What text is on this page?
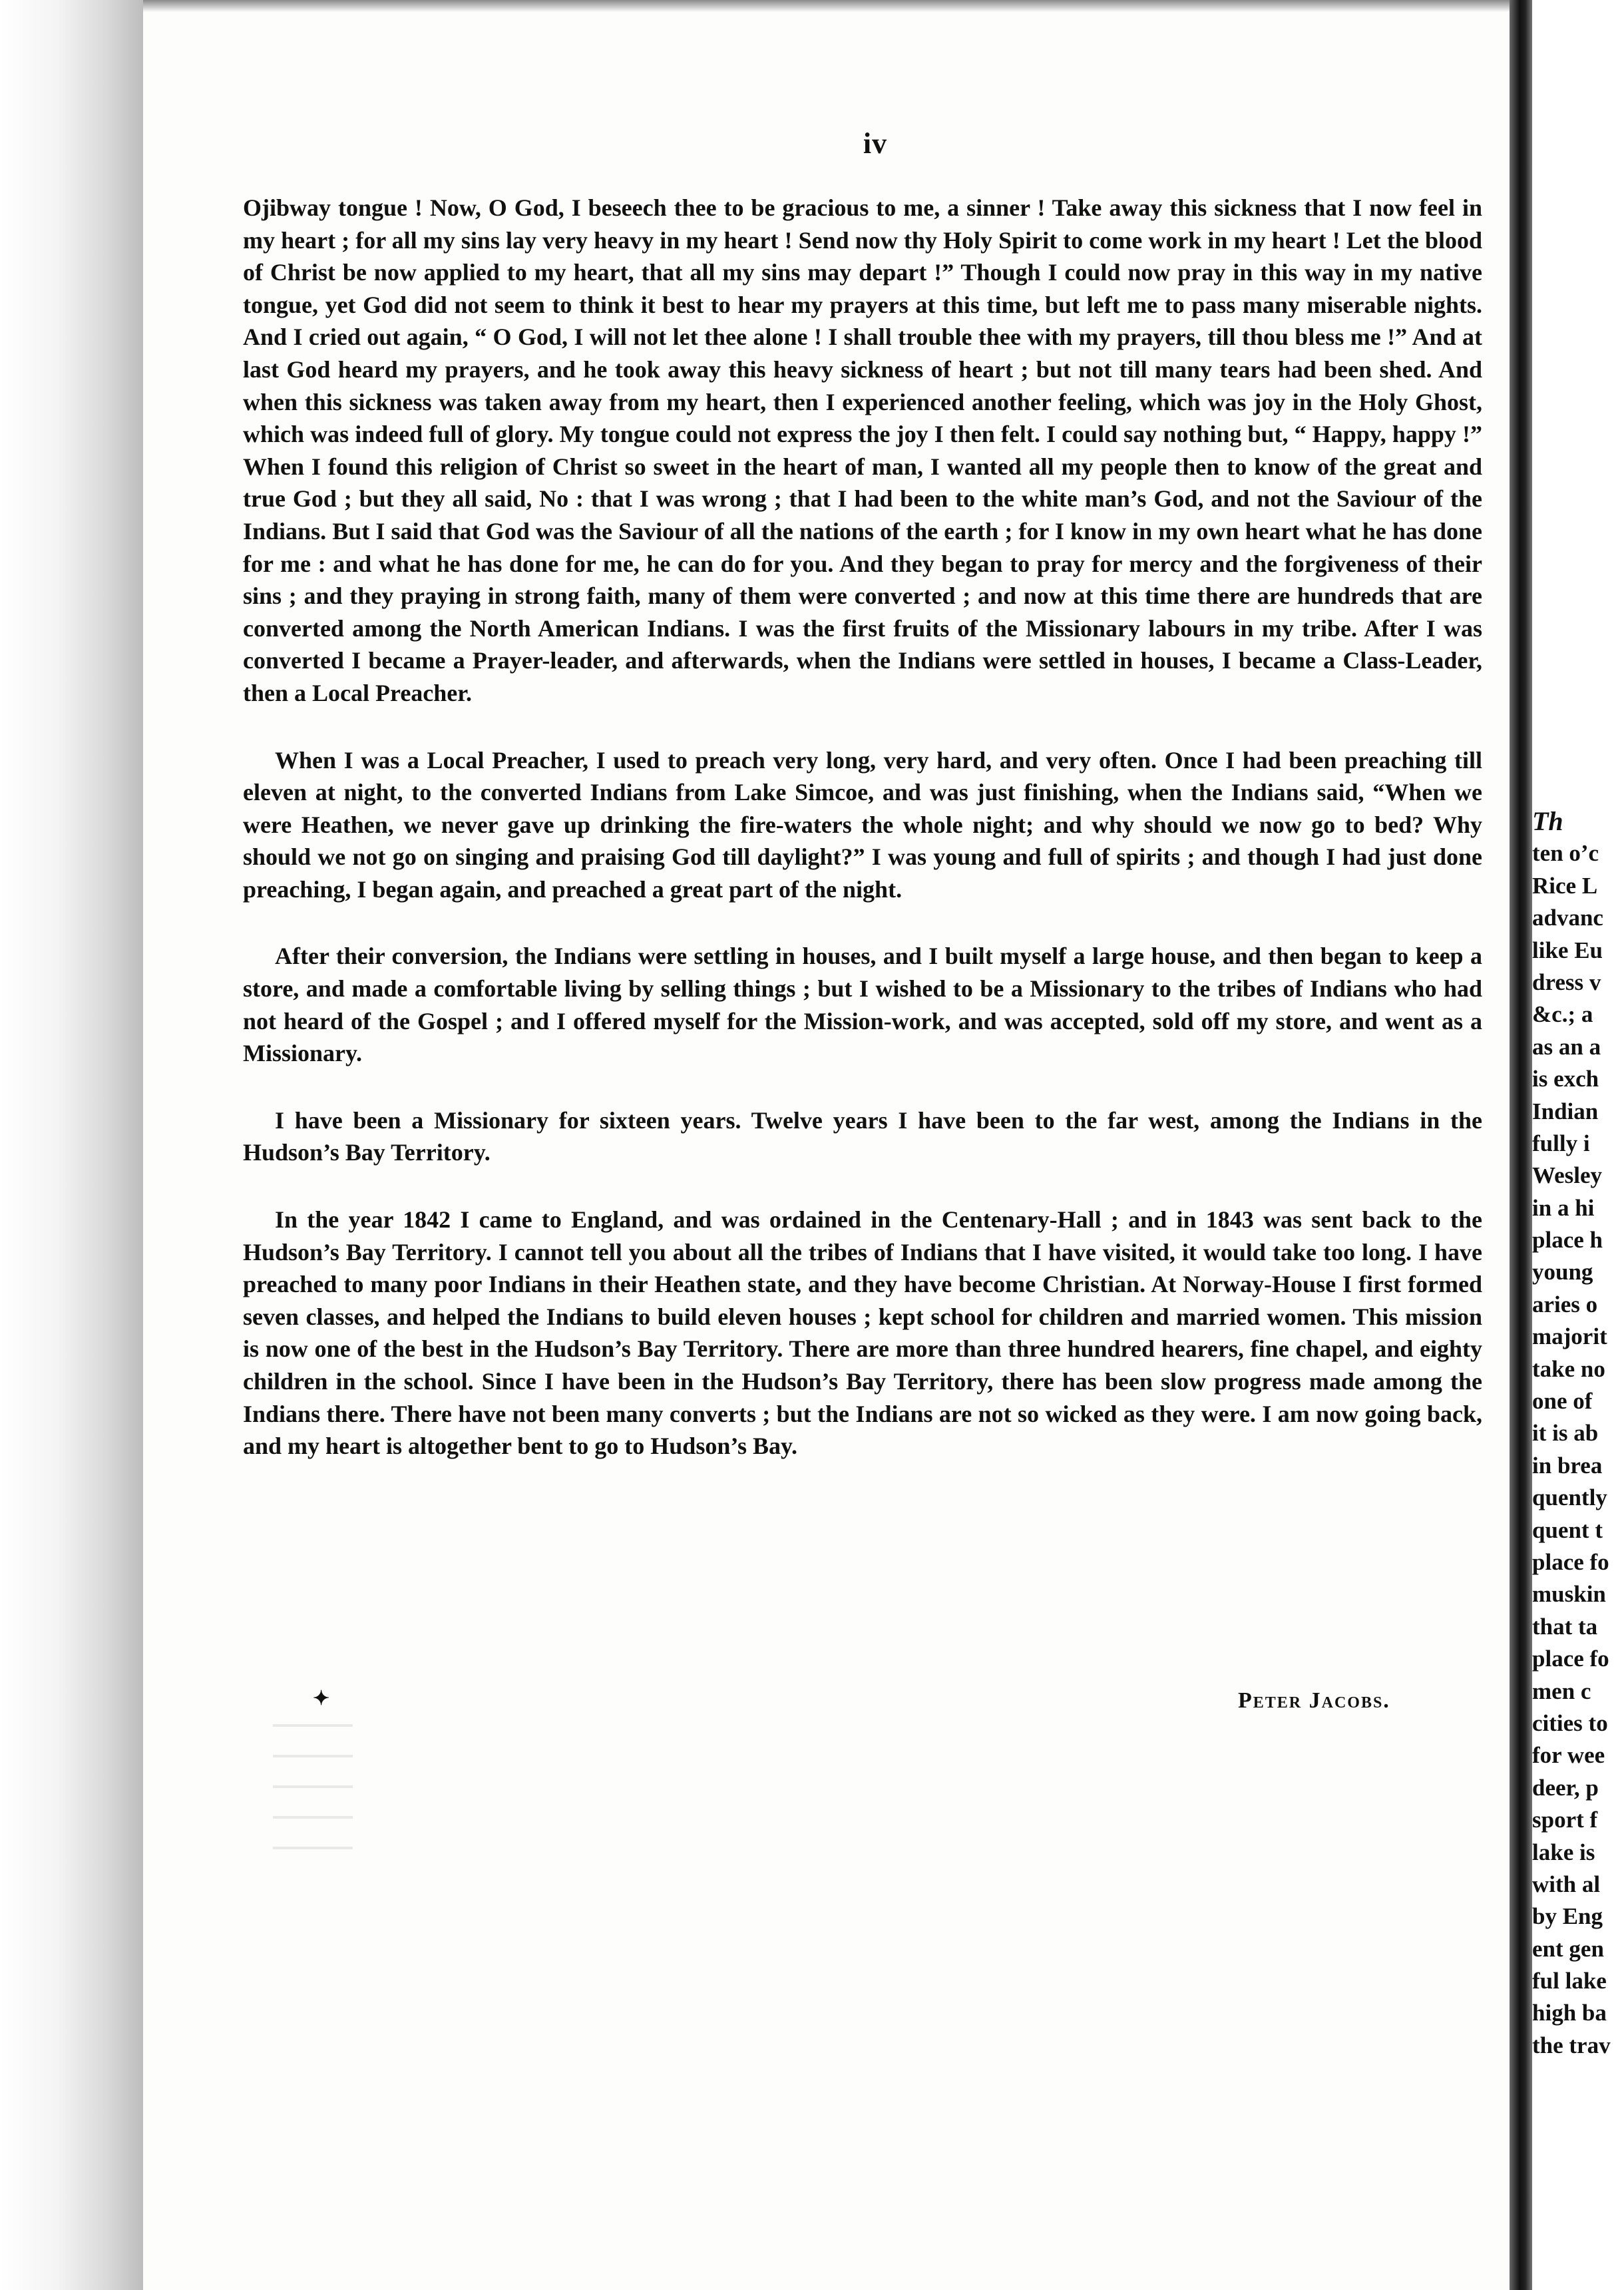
iv

Ojibway tongue ! Now, O God, I beseech thee to be gracious to me, a sinner ! Take away this sickness that I now feel in my heart ; for all my sins lay very heavy in my heart ! Send now thy Holy Spirit to come work in my heart ! Let the blood of Christ be now applied to my heart, that all my sins may depart !” Though I could now pray in this way in my native tongue, yet God did not seem to think it best to hear my prayers at this time, but left me to pass many miserable nights. And I cried out again, “ O God, I will not let thee alone ! I shall trouble thee with my prayers, till thou bless me !” And at last God heard my prayers, and he took away this heavy sickness of heart ; but not till many tears had been shed. And when this sickness was taken away from my heart, then I experienced another feeling, which was joy in the Holy Ghost, which was indeed full of glory. My tongue could not express the joy I then felt. I could say nothing but, “ Happy, happy !” When I found this religion of Christ so sweet in the heart of man, I wanted all my people then to know of the great and true God ; but they all said, No : that I was wrong ; that I had been to the white man’s God, and not the Saviour of the Indians. But I said that God was the Saviour of all the nations of the earth ; for I know in my own heart what he has done for me : and what he has done for me, he can do for you. And they began to pray for mercy and the forgiveness of their sins ; and they praying in strong faith, many of them were converted ; and now at this time there are hundreds that are converted among the North American Indians. I was the first fruits of the Missionary labours in my tribe. After I was converted I became a Prayer-leader, and afterwards, when the Indians were settled in houses, I became a Class-Leader, then a Local Preacher.

When I was a Local Preacher, I used to preach very long, very hard, and very often. Once I had been preaching till eleven at night, to the converted Indians from Lake Simcoe, and was just finishing, when the Indians said, “When we were Heathen, we never gave up drinking the fire-waters the whole night; and why should we now go to bed? Why should we not go on singing and praising God till daylight?” I was young and full of spirits ; and though I had just done preaching, I began again, and preached a great part of the night.

After their conversion, the Indians were settling in houses, and I built myself a large house, and then began to keep a store, and made a comfortable living by selling things ; but I wished to be a Missionary to the tribes of Indians who had not heard of the Gospel ; and I offered myself for the Mission-work, and was accepted, sold off my store, and went as a Missionary.

I have been a Missionary for sixteen years. Twelve years I have been to the far west, among the Indians in the Hudson’s Bay Territory.

In the year 1842 I came to England, and was ordained in the Centenary-Hall ; and in 1843 was sent back to the Hudson’s Bay Territory. I cannot tell you about all the tribes of Indians that I have visited, it would take too long. I have preached to many poor Indians in their Heathen state, and they have become Christian. At Norway-House I first formed seven classes, and helped the Indians to build eleven houses ; kept school for children and married women. This mission is now one of the best in the Hudson’s Bay Territory. There are more than three hundred hearers, fine chapel, and eighty children in the school. Since I have been in the Hudson’s Bay Territory, there has been slow progress made among the Indians there. There have not been many converts ; but the Indians are not so wicked as they were. I am now going back, and my heart is altogether bent to go to Hudson’s Bay.

Peter Jacobs.
✦
Th
ten o’c
Rice L
advanc
like Eu
dress v
&c.; a
as an a
is exch
Indian
fully i
Wesley
in a hi
place h
young
aries o
majorit
take no
one of
it is ab
in brea
quently
quent t
place fo
muskin
that ta
place fo
men c
cities to
for wee
deer, p
sport f
lake is
with al
by Eng
ent gen
ful lake
high ba
the trav
